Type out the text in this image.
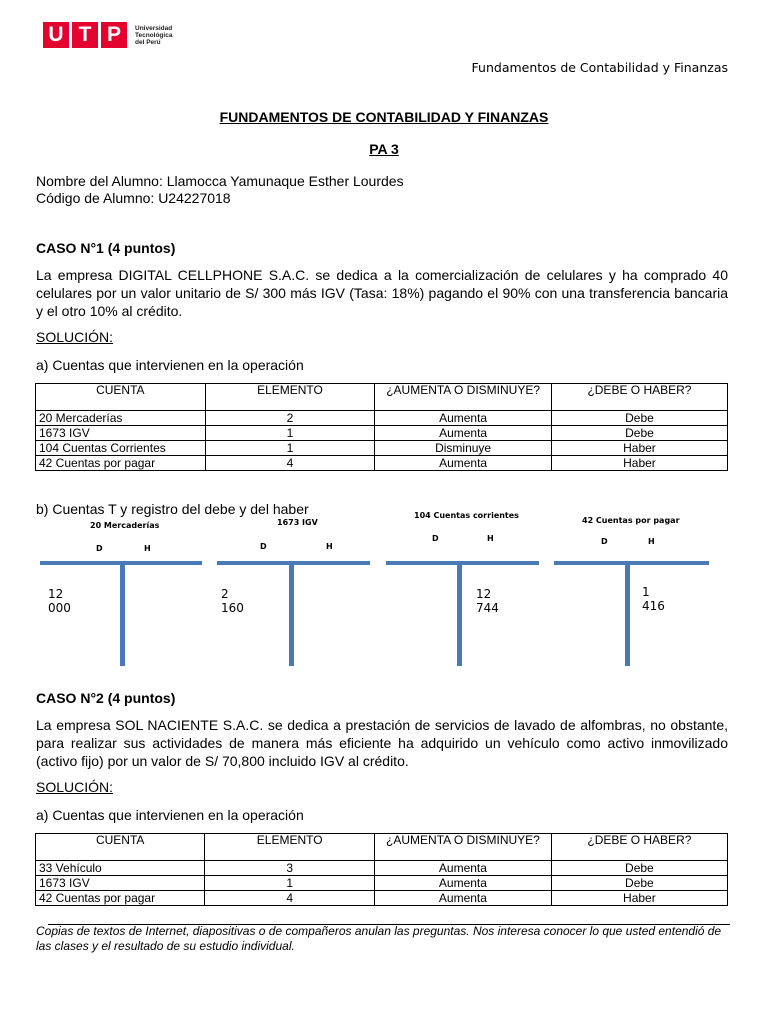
U T P	Universidad
Tecnológica
del Perú
Fundamentos de Contabilidad y Finanzas
FUNDAMENTOS DE CONTABILIDAD Y FINANZAS
PA 3
Nombre del Alumno: Llamocca Yamunaque Esther Lourdes
Código de Alumno: U24227018
CASO N°1 (4 puntos)
La empresa DIGITAL CELLPHONE S.A.C. se dedica a la comercialización de celulares y ha comprado 40 celulares por un valor unitario de S/ 300 más IGV (Tasa: 18%) pagando el 90% con una transferencia bancaria y el otro 10% al crédito.
SOLUCIÓN:
a) Cuentas que intervienen en la operación
CUENTA	ELEMENTO	¿AUMENTA O DISMINUYE?	¿DEBE O HABER?
20 Mercaderías	2	Aumenta	Debe
1673 IGV	1	Aumenta	Debe
104 Cuentas Corrientes	1	Disminuye	Haber
42 Cuentas por pagar	4	Aumenta	Haber
b) Cuentas T y registro del debe y del haber
20 Mercaderías
D	H
12 000
1673 IGV
D	H
2 160
104 Cuentas corrientes
D	H
12 744
42 Cuentas por pagar
D	H
1 416
CASO N°2 (4 puntos)
La empresa SOL NACIENTE S.A.C. se dedica a prestación de servicios de lavado de alfombras, no obstante, para realizar sus actividades de manera más eficiente ha adquirido un vehículo como activo inmovilizado (activo fijo) por un valor de S/ 70,800 incluido IGV al crédito.
SOLUCIÓN:
a) Cuentas que intervienen en la operación
CUENTA	ELEMENTO	¿AUMENTA O DISMINUYE?	¿DEBE O HABER?
33 Vehículo	3	Aumenta	Debe
1673 IGV	1	Aumenta	Debe
42 Cuentas por pagar	4	Aumenta	Haber
Copias de textos de Internet, diapositivas o de compañeros anulan las preguntas. Nos interesa conocer lo que usted entendió de las clases y el resultado de su estudio individual.
